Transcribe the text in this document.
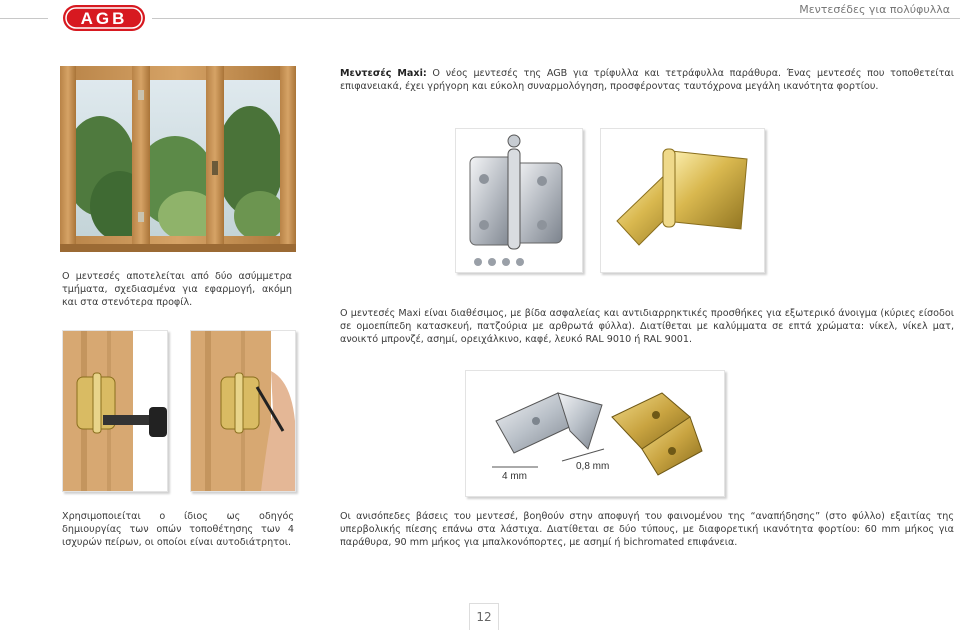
AGB	Μεντεσέδες για πολύφυλλα
Μεντεσές Maxi: Ο νέος μεντεσές της AGB για τρίφυλλα και τετράφυλλα παράθυρα. Ένας μεντεσές που τοποθετείται επιφανειακά, έχει γρήγορη και εύκολη συναρμολόγηση, προσφέροντας ταυτόχρονα μεγάλη ικανότητα φορτίου.
Ο μεντεσές αποτελείται από δύο ασύμμετρα τμήματα, σχεδιασμένα για εφαρμογή, ακόμη και στα στενότερα προφίλ.
Ο μεντεσές Maxi είναι διαθέσιμος, με βίδα ασφαλείας και αντιδιαρρηκτικές προσθήκες για εξωτερικό άνοιγμα (κύριες είσοδοι σε ομοεπίπεδη κατασκευή, πατζούρια με αρθρωτά φύλλα). Διατίθεται με καλύμματα σε επτά χρώματα: νίκελ, νίκελ ματ, ανοικτό μπρονζέ, ασημί, ορειχάλκινο, καφέ, λευκό RAL 9010 ή RAL 9001.
4 mm
0,8 mm
Χρησιμοποιείται ο ίδιος ως οδηγός δημιουργίας των οπών τοποθέτησης των 4 ισχυρών πείρων, οι οποίοι είναι αυτοδιάτρητοι.
Οι ανισόπεδες βάσεις του μεντεσέ, βοηθούν στην αποφυγή του φαινομένου της “αναπήδησης” (στο φύλλο) εξαιτίας της υπερβολικής πίεσης επάνω στα λάστιχα. Διατίθεται σε δύο τύπους, με διαφορετική ικανότητα φορτίου: 60 mm μήκος για παράθυρα, 90 mm μήκος για μπαλκονόπορτες, με ασημί ή bichromated επιφάνεια.
12
